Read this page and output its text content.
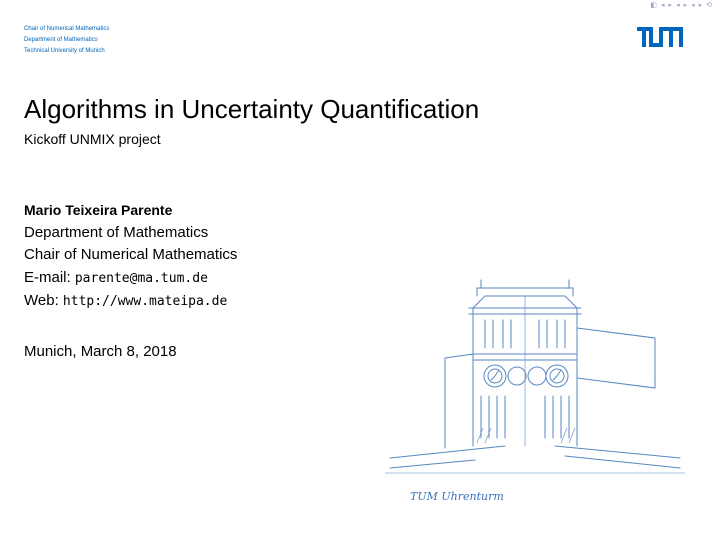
◧ ◂ ▸ ◂ ▸ ◂ ▸ ⟲
Chair of Numerical Mathematics
Department of Mathematics
Technical University of Munich
Algorithms in Uncertainty Quantification
Kickoff UNMIX project
Mario Teixeira Parente
Department of Mathematics
Chair of Numerical Mathematics
E-mail: parente@ma.tum.de
Web: http://www.mateipa.de
Munich, March 8, 2018
TUM Uhrenturm
